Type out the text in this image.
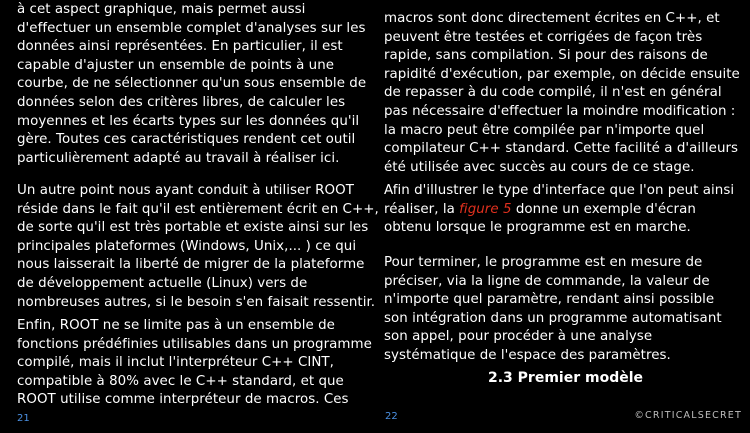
à cet aspect graphique, mais permet aussi
d'effectuer un ensemble complet d'analyses sur les
données ainsi représentées. En particulier, il est
capable d'ajuster un ensemble de points à une
courbe, de ne sélectionner qu'un sous ensemble de
données selon des critères libres, de calculer les
moyennes et les écarts types sur les données qu'il
gère. Toutes ces caractéristiques rendent cet outil
particulièrement adapté au travail à réaliser ici.

Un autre point nous ayant conduit à utiliser ROOT
réside dans le fait qu'il est entièrement écrit en C++,
de sorte qu'il est très portable et existe ainsi sur les
principales plateformes (Windows, Unix,... ) ce qui
nous laisserait la liberté de migrer de la plateforme
de développement actuelle (Linux) vers de
nombreuses autres, si le besoin s'en faisait ressentir.

Enfin, ROOT ne se limite pas à un ensemble de
fonctions prédéfinies utilisables dans un programme
compilé, mais il inclut l'interpréteur C++ CINT,
compatible à 80% avec le C++ standard, et que
ROOT utilise comme interpréteur de macros. Ces

21

macros sont donc directement écrites en C++, et
peuvent être testées et corrigées de façon très
rapide, sans compilation. Si pour des raisons de
rapidité d'exécution, par exemple, on décide ensuite
de repasser à du code compilé, il n'est en général
pas nécessaire d'effectuer la moindre modification :
la macro peut être compilée par n'importe quel
compilateur C++ standard. Cette facilité a d'ailleurs
été utilisée avec succès au cours de ce stage.

Afin d'illustrer le type d'interface que l'on peut ainsi
réaliser, la figure 5 donne un exemple d'écran
obtenu lorsque le programme est en marche.

Pour terminer, le programme est en mesure de
préciser, via la ligne de commande, la valeur de
n'importe quel paramètre, rendant ainsi possible
son intégration dans un programme automatisant
son appel, pour procéder à une analyse
systématique de l'espace des paramètres.

2.3 Premier modèle
22	©CRITICALSECRET
